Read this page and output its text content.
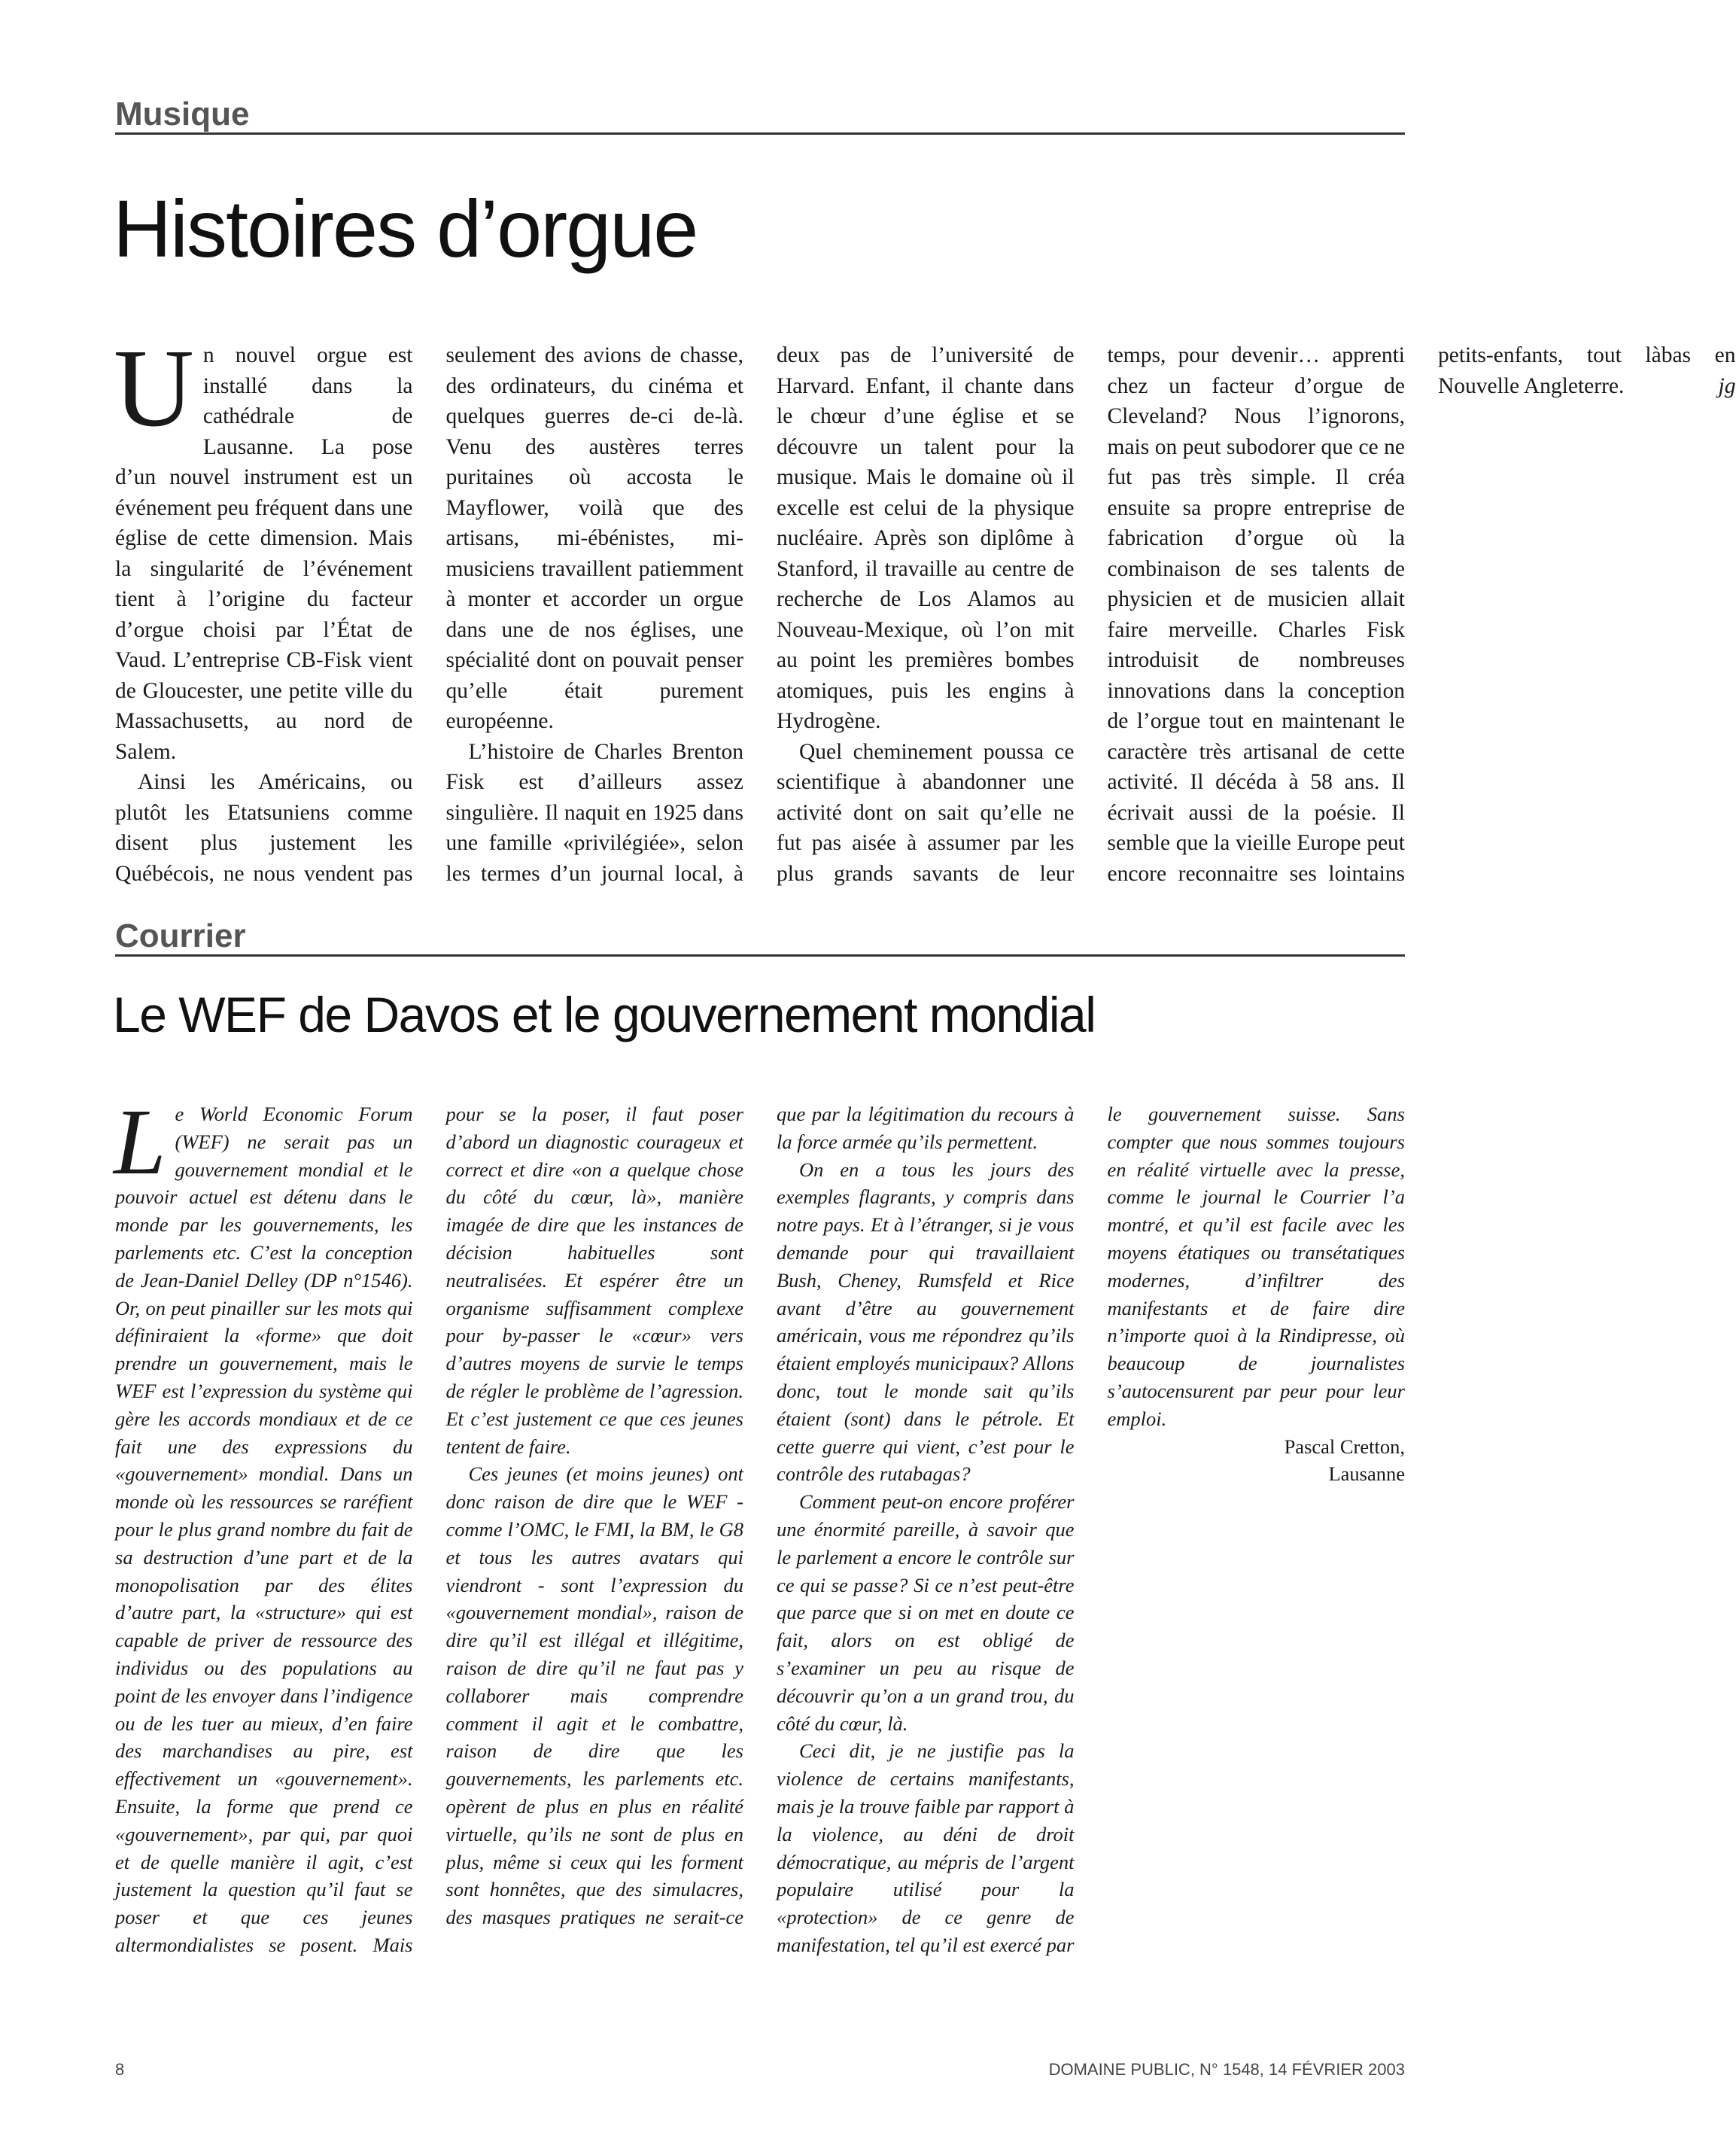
Musique
Histoires d’orgue

Un nouvel orgue est installé dans la cathédrale de Lausanne. La pose d’un nouvel instrument est un événement peu fréquent dans une église de cette dimension. Mais la singularité de l’événement tient à l’origine du facteur d’orgue choisi par l’État de Vaud. L’entreprise CB-Fisk vient de Gloucester, une petite ville du Massachusetts, au nord de Salem.

Ainsi les Américains, ou plutôt les Etatsuniens comme disent plus justement les Québécois, ne nous vendent pas seulement des avions de chasse, des ordinateurs, du cinéma et quelques guerres de-ci de-là. Venu des austères terres puritaines où accosta le Mayflower, voilà que des artisans, mi-ébénistes, mi-musiciens travaillent patiemment à monter et accorder un orgue dans une de nos églises, une spécialité dont on pouvait penser qu’elle était purement européenne.

L’histoire de Charles Brenton Fisk est d’ailleurs assez singulière. Il naquit en 1925 dans une famille «privilégiée», selon les termes d’un journal local, à deux pas de l’université de Harvard. Enfant, il chante dans le chœur d’une église et se découvre un talent pour la musique. Mais le domaine où il excelle est celui de la physique nucléaire. Après son diplôme à Stanford, il travaille au centre de recherche de Los Alamos au Nouveau-Mexique, où l’on mit au point les premières bombes atomiques, puis les engins à Hydrogène.

Quel cheminement poussa ce scientifique à abandonner une activité dont on sait qu’elle ne fut pas aisée à assumer par les plus grands savants de leur temps, pour devenir… apprenti chez un facteur d’orgue de Cleveland? Nous l’ignorons, mais on peut subodorer que ce ne fut pas très simple. Il créa ensuite sa propre entreprise de fabrication d’orgue où la combinaison de ses talents de physicien et de musicien allait faire merveille. Charles Fisk introduisit de nombreuses innovations dans la conception de l’orgue tout en maintenant le caractère très artisanal de cette activité. Il décéda à 58 ans. Il écrivait aussi de la poésie. Il semble que la vieille Europe peut encore reconnaitre ses lointains petits-enfants, tout làbas en Nouvelle Angleterre.	jg

Courrier
Le WEF de Davos et le gouvernement mondial

Le World Economic Forum (WEF) ne serait pas un gouvernement mondial et le pouvoir actuel est détenu dans le monde par les gouvernements, les parlements etc. C’est la conception de Jean-Daniel Delley (DP n°1546). Or, on peut pinailler sur les mots qui définiraient la «forme» que doit prendre un gouvernement, mais le WEF est l’expression du système qui gère les accords mondiaux et de ce fait une des expressions du «gouvernement» mondial. Dans un monde où les ressources se raréfient pour le plus grand nombre du fait de sa destruction d’une part et de la monopolisation par des élites d’autre part, la «structure» qui est capable de priver de ressource des individus ou des populations au point de les envoyer dans l’indigence ou de les tuer au mieux, d’en faire des marchandises au pire, est effectivement un «gouvernement». Ensuite, la forme que prend ce «gouvernement», par qui, par quoi et de quelle manière il agit, c’est justement la question qu’il faut se poser et que ces jeunes altermondialistes se posent. Mais pour se la poser, il faut poser d’abord un diagnostic courageux et correct et dire «on a quelque chose du côté du cœur, là», manière imagée de dire que les instances de décision habituelles sont neutralisées. Et espérer être un organisme suffisamment complexe pour by-passer le «cœur» vers d’autres moyens de survie le temps de régler le problème de l’agression. Et c’est justement ce que ces jeunes tentent de faire.

Ces jeunes (et moins jeunes) ont donc raison de dire que le WEF - comme l’OMC, le FMI, la BM, le G8 et tous les autres avatars qui viendront - sont l’expression du «gouvernement mondial», raison de dire qu’il est illégal et illégitime, raison de dire qu’il ne faut pas y collaborer mais comprendre comment il agit et le combattre, raison de dire que les gouvernements, les parlements etc. opèrent de plus en plus en réalité virtuelle, qu’ils ne sont de plus en plus, même si ceux qui les forment sont honnêtes, que des simulacres, des masques pratiques ne serait-ce que par la légitimation du recours à la force armée qu’ils permettent.

On en a tous les jours des exemples flagrants, y compris dans notre pays. Et à l’étranger, si je vous demande pour qui travaillaient Bush, Cheney, Rumsfeld et Rice avant d’être au gouvernement américain, vous me répondrez qu’ils étaient employés municipaux? Allons donc, tout le monde sait qu’ils étaient (sont) dans le pétrole. Et cette guerre qui vient, c’est pour le contrôle des rutabagas?

Comment peut-on encore proférer une énormité pareille, à savoir que le parlement a encore le contrôle sur ce qui se passe? Si ce n’est peut-être que parce que si on met en doute ce fait, alors on est obligé de s’examiner un peu au risque de découvrir qu’on a un grand trou, du côté du cœur, là.

Ceci dit, je ne justifie pas la violence de certains manifestants, mais je la trouve faible par rapport à la violence, au déni de droit démocratique, au mépris de l’argent populaire utilisé pour la «protection» de ce genre de manifestation, tel qu’il est exercé par le gouvernement suisse. Sans compter que nous sommes toujours en réalité virtuelle avec la presse, comme le journal le Courrier l’a montré, et qu’il est facile avec les moyens étatiques ou transétatiques modernes, d’infiltrer des manifestants et de faire dire n’importe quoi à la Rindipresse, où beaucoup de journalistes s’autocensurent par peur pour leur emploi.

Pascal Cretton,

Lausanne

8	DOMAINE PUBLIC, N° 1548, 14 FÉVRIER 2003
